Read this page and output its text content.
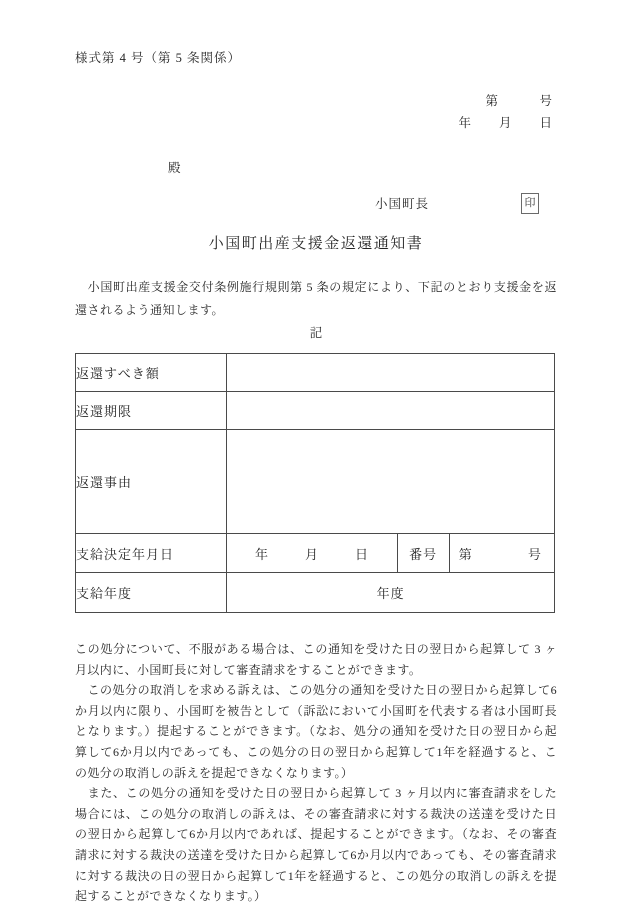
様式第 4 号（第 5 条関係）
第　　　号
年　　月　　日
殿
小国町長	印
小国町出産支援金返還通知書

　小国町出産支援金交付条例施行規則第 5 条の規定により、下記のとおり支援金を返還されるよう通知します。

記
返還すべき額			
返還期限			
返還事由			
支給決定年月日	年 月 日	番号	第 号

支給年度	年度		

この処分について、不服がある場合は、この通知を受けた日の翌日から起算して 3 ヶ月以内に、小国町長に対して審査請求をすることができます。

　この処分の取消しを求める訴えは、この処分の通知を受けた日の翌日から起算して6か月以内に限り、小国町を被告として（訴訟において小国町を代表する者は小国町長となります。）提起することができます。（なお、処分の通知を受けた日の翌日から起算して6か月以内であっても、この処分の日の翌日から起算して1年を経過すると、この処分の取消しの訴えを提起できなくなります。）

　また、この処分の通知を受けた日の翌日から起算して 3 ヶ月以内に審査請求をした場合には、この処分の取消しの訴えは、その審査請求に対する裁決の送達を受けた日の翌日から起算して6か月以内であれば、提起することができます。（なお、その審査請求に対する裁決の送達を受けた日から起算して6か月以内であっても、その審査請求に対する裁決の日の翌日から起算して1年を経過すると、この処分の取消しの訴えを提起することができなくなります。）
